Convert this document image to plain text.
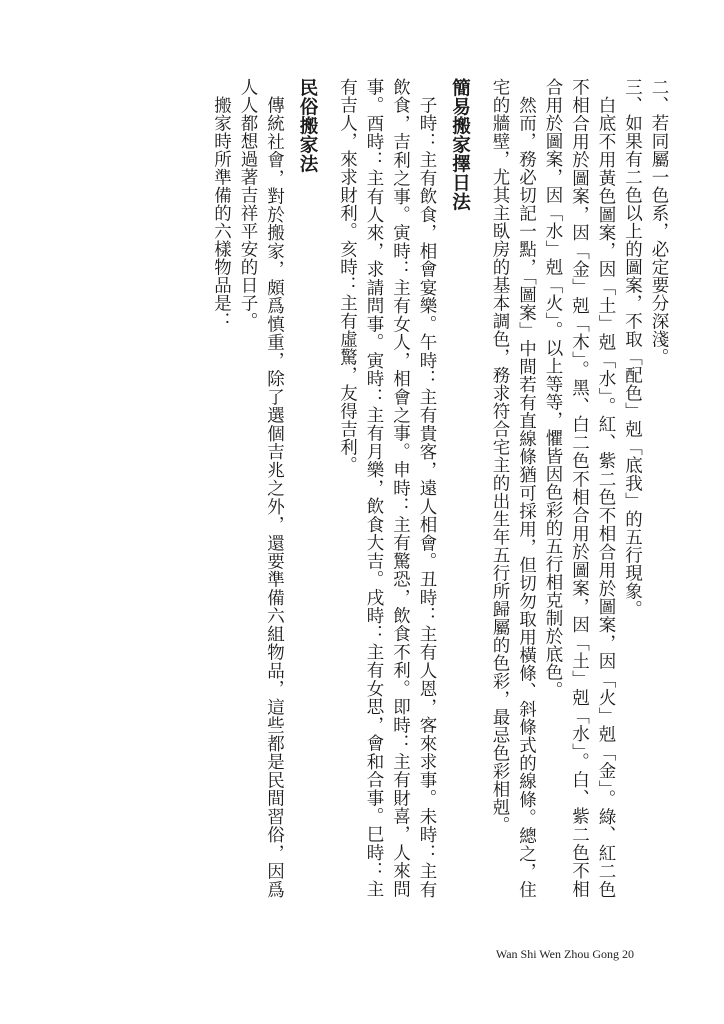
二、若同屬一色系，必定要分深淺。

三、如果有二色以上的圖案，不取「配色」剋「底我」的五行現象。

白底不用黃色圖案，因「土」剋「水」。紅、紫二色不相合用於圖案，因「火」剋「金」。綠、紅二色不相合用於圖案，因「金」剋「木」。黑、白二色不相合用於圖案，因「土」剋「水」。白、紫二色不相合用於圖案，因「水」剋「火」。以上等等，懼皆因色彩的五行相克制於底色。

然而，務必切記一點，「圖案」中間若有直線條猶可採用，但切勿取用橫條、斜條式的線條。總之，住宅的牆壁，尤其主臥房的基本調色，務求符合宅主的出生年五行所歸屬的色彩，最忌色彩相剋。

簡易搬家擇日法

子時：主有飲食，相會宴樂。午時：主有貴客，遠人相會。丑時：主有人恩，客來求事。未時：主有飲食，吉利之事。寅時：主有女人，相會之事。申時：主有驚恐，飲食不利。即時：主有財喜，人來問事。酉時：主有人來，求請問事。寅時：主有月樂，飲食大吉。戌時：主有女思，會和合事。巳時：主有吉人，來求財利。亥時：主有虛驚，友得吉利。

民俗搬家法

傳統社會，對於搬家，頗爲慎重，除了選個吉兆之外，還要準備六組物品，這些都是民間習俗，因爲人人都想過著吉祥平安的日子。

搬家時所準備的六樣物品是：

Wan Shi Wen Zhou Gong 20
